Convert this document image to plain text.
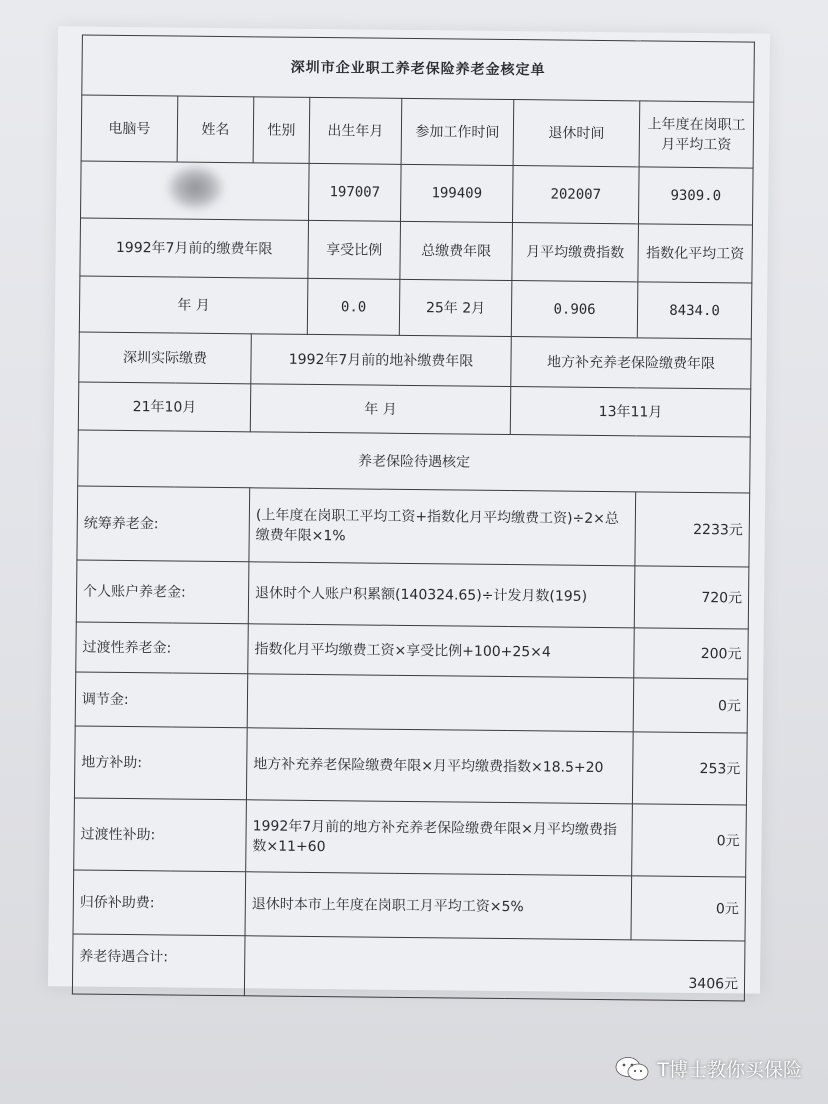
深圳市企业职工养老保险养老金核定单						
电脑号	姓名	性别	出生年月	参加工作时间	退休时间	上年度在岗职工月平均工资
			197007	199409	202007	9309.0
1992年7月前的缴费年限			享受比例	总缴费年限	月平均缴费指数	指数化平均工资
年 月			0.0	25年 2月	0.906	8434.0
深圳实际缴费		1992年7月前的地补缴费年限			地方补充养老保险缴费年限	
21年10月		年 月			13年11月	
养老保险待遇核定						
统筹养老金:		(上年度在岗职工平均工资+指数化月平均缴费工资)÷2×总缴费年限×1%				2233元
个人账户养老金:		退休时个人账户积累额(140324.65)÷计发月数(195)				720元
过渡性养老金:		指数化月平均缴费工资×享受比例+100+25×4				200元
调节金:						0元
地方补助:		地方补充养老保险缴费年限×月平均缴费指数×18.5+20				253元
过渡性补助:		1992年7月前的地方补充养老保险缴费年限×月平均缴费指数×11+60				0元
归侨补助费:		退休时本市上年度在岗职工月平均工资×5%				0元
养老待遇合计:		3406元				
T博士教你买保险
